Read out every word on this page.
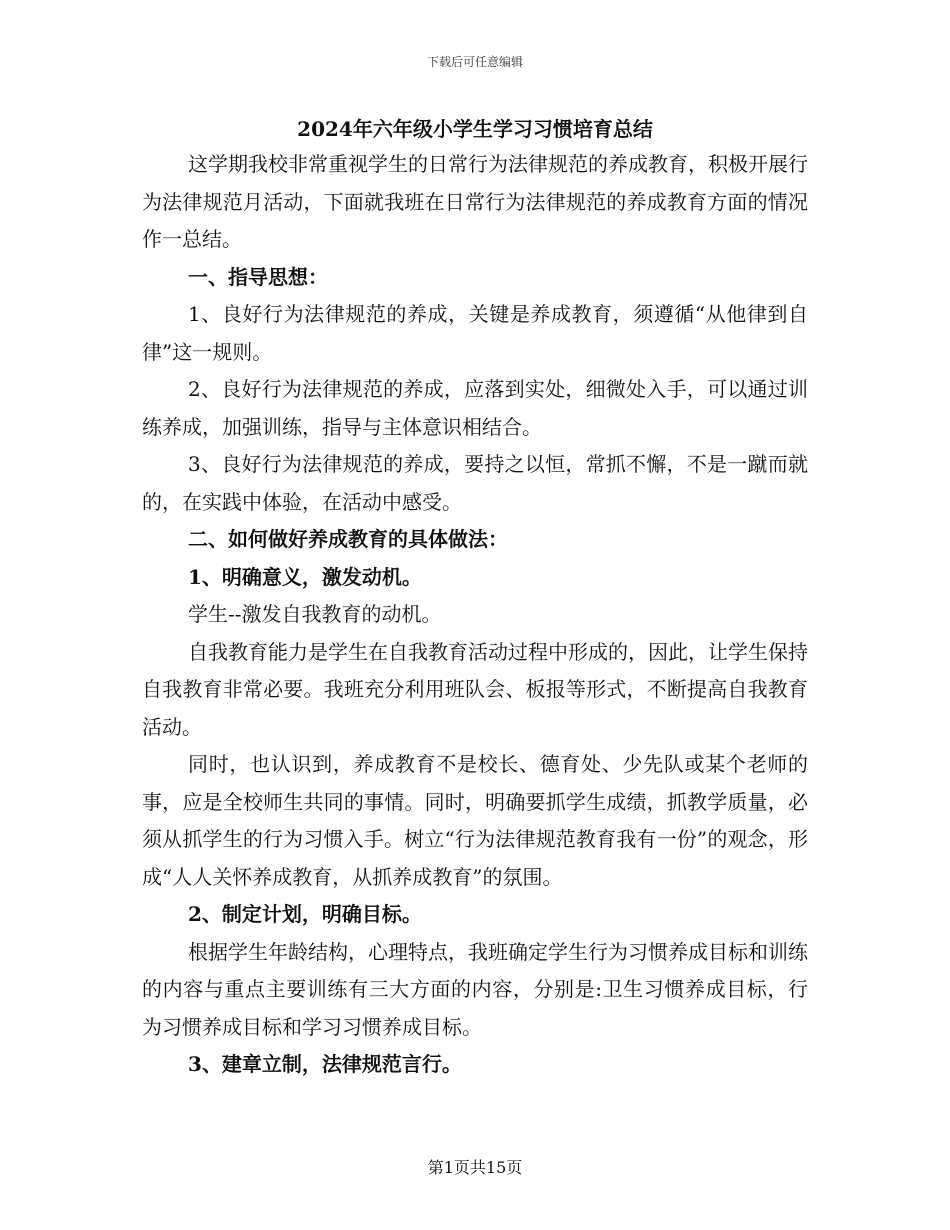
下载后可任意编辑
2024年六年级小学生学习习惯培育总结

这学期我校非常重视学生的日常行为法律规范的养成教育，积极开展行为法律规范月活动，下面就我班在日常行为法律规范的养成教育方面的情况作一总结。

一、指导思想：

1、良好行为法律规范的养成，关键是养成教育，须遵循“从他律到自律”这一规则。

2、良好行为法律规范的养成，应落到实处，细微处入手，可以通过训练养成，加强训练，指导与主体意识相结合。

3、良好行为法律规范的养成，要持之以恒，常抓不懈，不是一蹴而就的，在实践中体验，在活动中感受。

二、如何做好养成教育的具体做法：

1、明确意义，激发动机。

学生--激发自我教育的动机。

自我教育能力是学生在自我教育活动过程中形成的，因此，让学生保持自我教育非常必要。我班充分利用班队会、板报等形式，不断提高自我教育活动。

同时，也认识到，养成教育不是校长、德育处、少先队或某个老师的事，应是全校师生共同的事情。同时，明确要抓学生成绩，抓教学质量，必须从抓学生的行为习惯入手。树立“行为法律规范教育我有一份”的观念，形成“人人关怀养成教育，从抓养成教育”的氛围。

2、制定计划，明确目标。

根据学生年龄结构，心理特点，我班确定学生行为习惯养成目标和训练的内容与重点主要训练有三大方面的内容，分别是:卫生习惯养成目标，行为习惯养成目标和学习习惯养成目标。

3、建章立制，法律规范言行。

第1页共15页
